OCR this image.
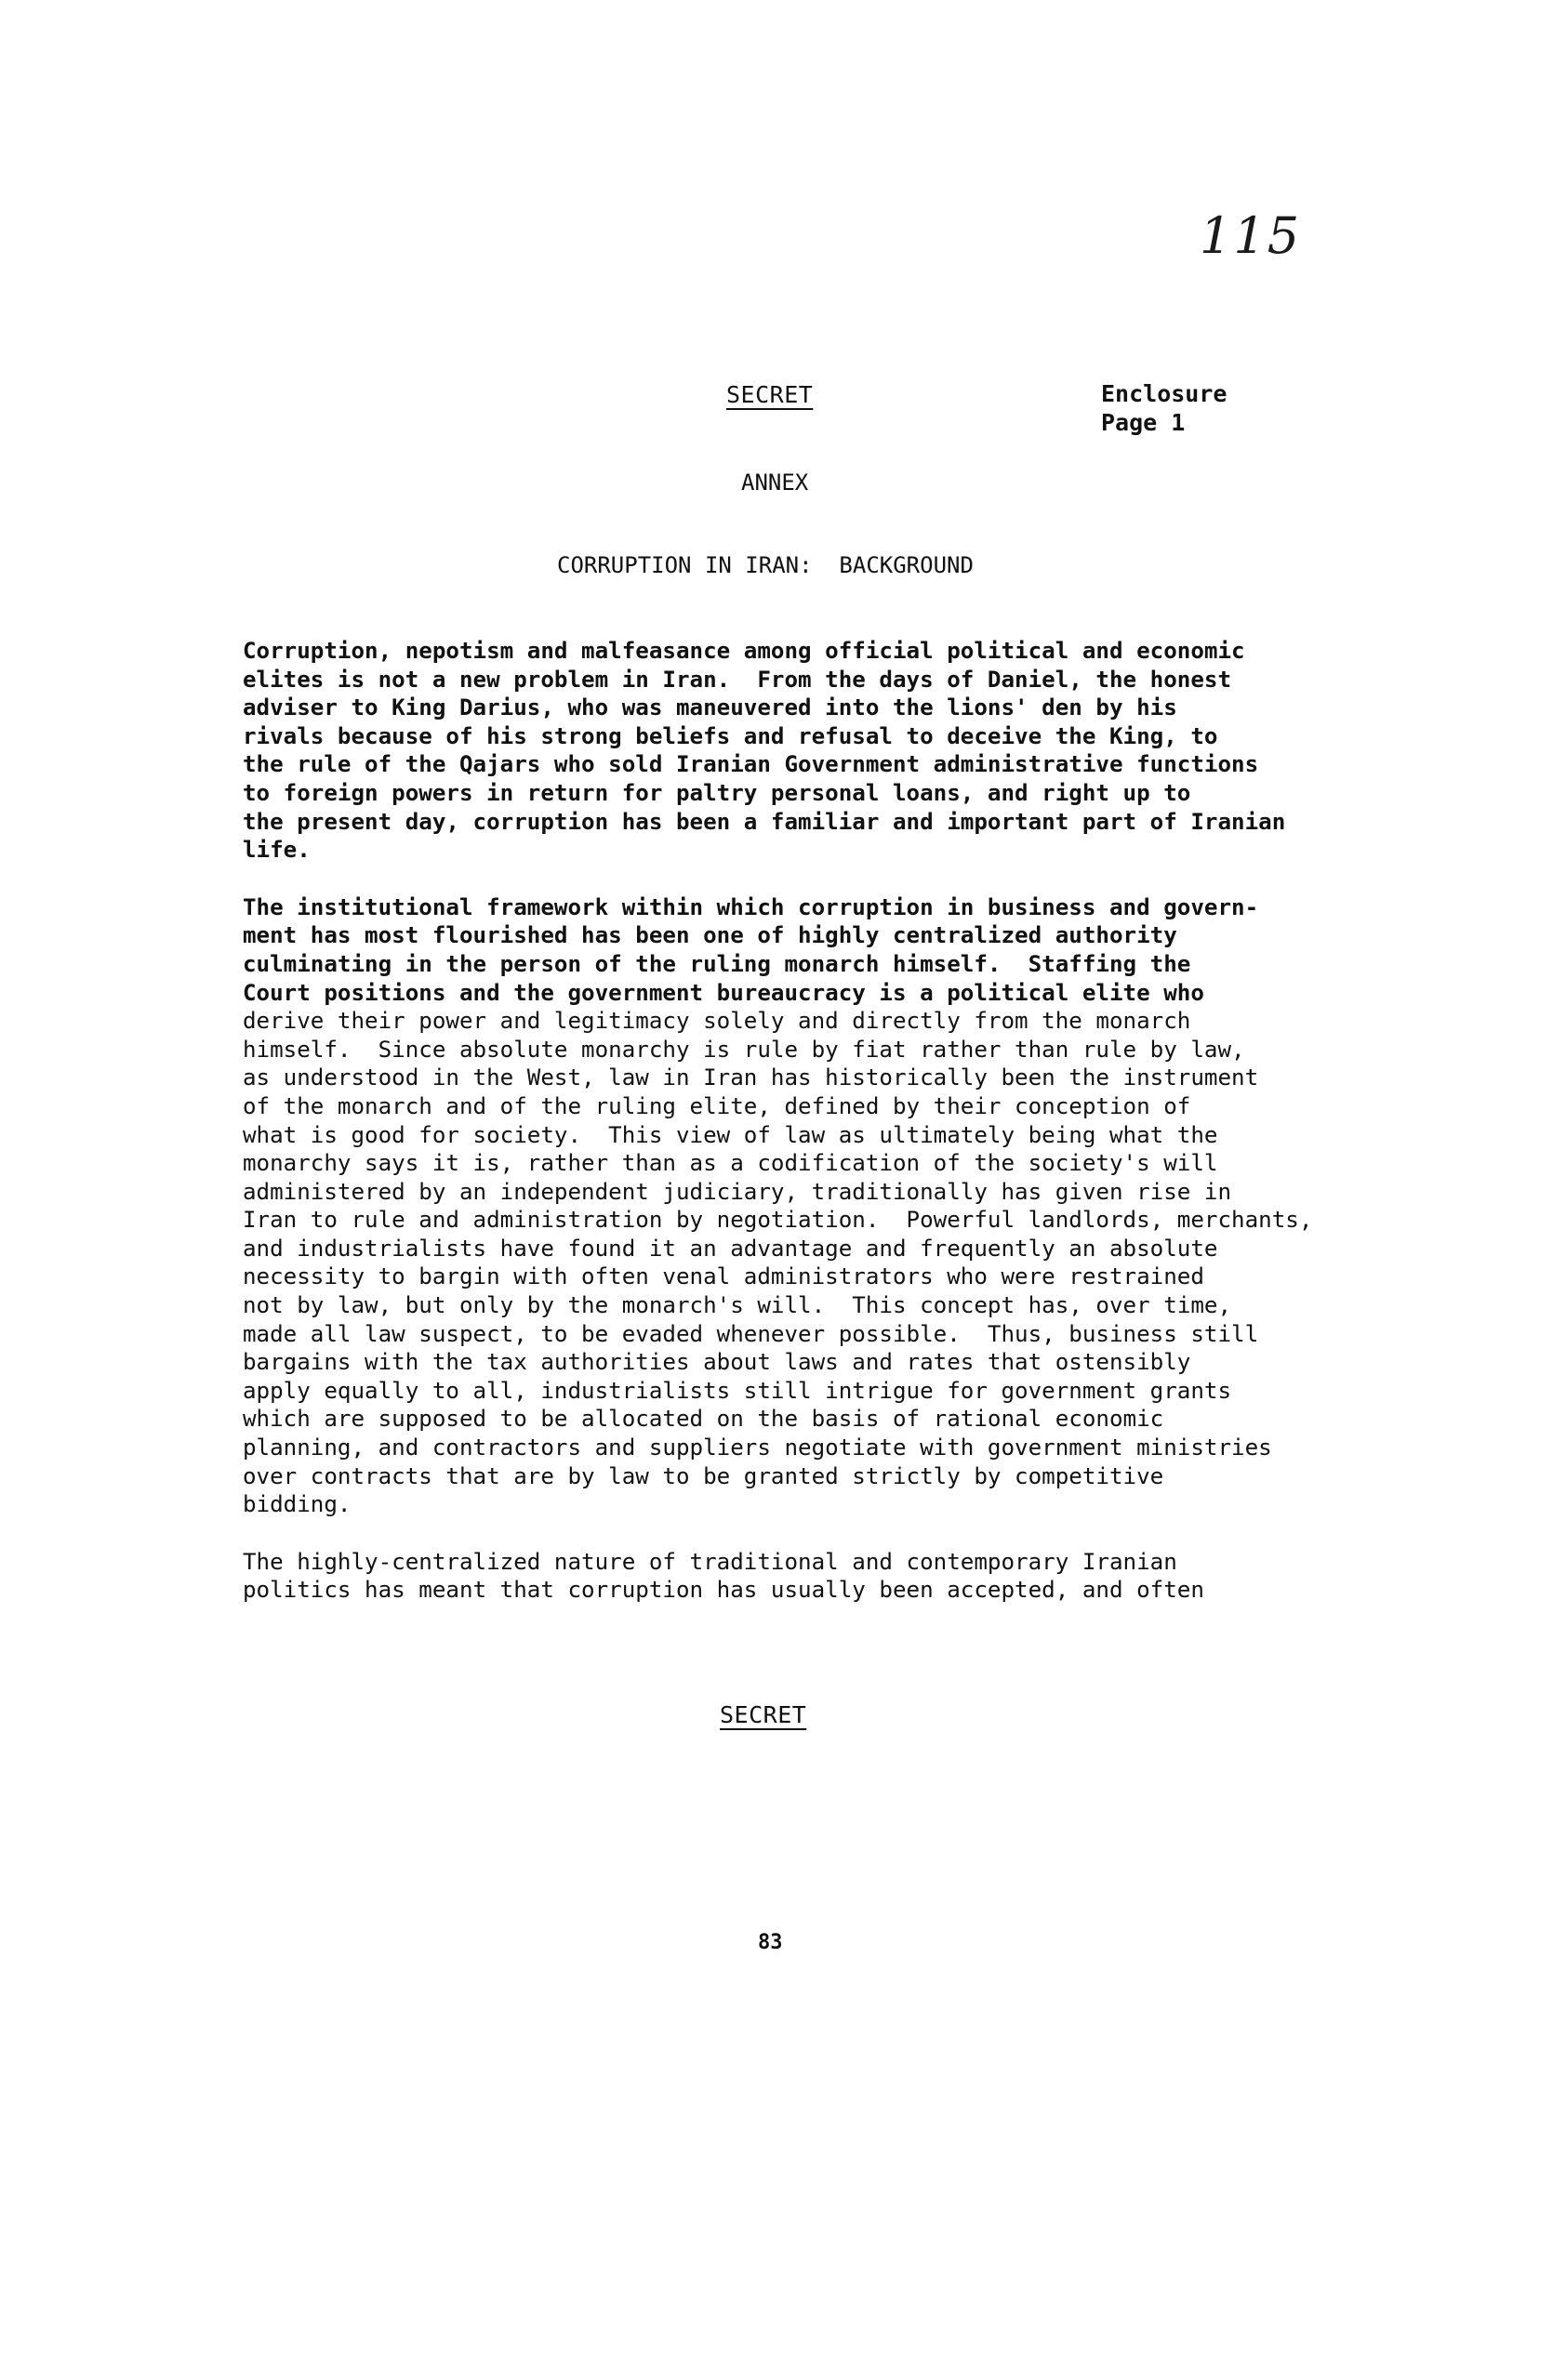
115
SECRET	Enclosure
Page 1
ANNEX
CORRUPTION IN IRAN:  BACKGROUND
Corruption, nepotism and malfeasance among official political and economic
elites is not a new problem in Iran.  From the days of Daniel, the honest
adviser to King Darius, who was maneuvered into the lions' den by his
rivals because of his strong beliefs and refusal to deceive the King, to
the rule of the Qajars who sold Iranian Government administrative functions
to foreign powers in return for paltry personal loans, and right up to
the present day, corruption has been a familiar and important part of Iranian
life.
The institutional framework within which corruption in business and govern-
ment has most flourished has been one of highly centralized authority
culminating in the person of the ruling monarch himself.  Staffing the
Court positions and the government bureaucracy is a political elite who
derive their power and legitimacy solely and directly from the monarch
himself.  Since absolute monarchy is rule by fiat rather than rule by law,
as understood in the West, law in Iran has historically been the instrument
of the monarch and of the ruling elite, defined by their conception of
what is good for society.  This view of law as ultimately being what the
monarchy says it is, rather than as a codification of the society's will
administered by an independent judiciary, traditionally has given rise in
Iran to rule and administration by negotiation.  Powerful landlords, merchants,
and industrialists have found it an advantage and frequently an absolute
necessity to bargin with often venal administrators who were restrained
not by law, but only by the monarch's will.  This concept has, over time,
made all law suspect, to be evaded whenever possible.  Thus, business still
bargains with the tax authorities about laws and rates that ostensibly
apply equally to all, industrialists still intrigue for government grants
which are supposed to be allocated on the basis of rational economic
planning, and contractors and suppliers negotiate with government ministries
over contracts that are by law to be granted strictly by competitive
bidding.
The highly-centralized nature of traditional and contemporary Iranian
politics has meant that corruption has usually been accepted, and often
SECRET
83
